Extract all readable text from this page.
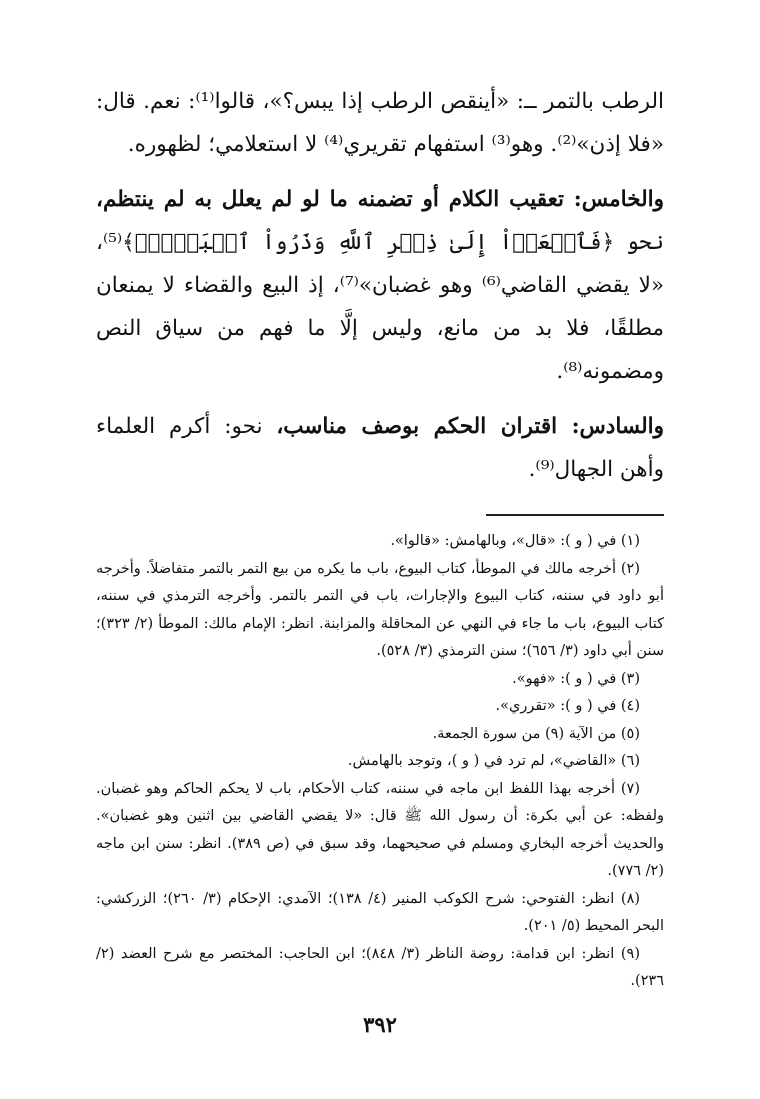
الرطب بالتمر ــ: «أينقص الرطب إذا يبس؟»، قالوا⁽¹⁾: نعم. قال: «فلا إذن»⁽²⁾. وهو⁽³⁾ استفهام تقريري⁽⁴⁾ لا استعلامي؛ لظهوره.

والخامس: تعقيب الكلام أو تضمنه ما لو لم يعلل به لم ينتظم، نحو ﴿فَٱسۡعَوۡاْ إِلَىٰ ذِكۡرِ ٱللَّهِ وَذَرُواْ ٱلۡبَيۡعَۚ﴾⁽⁵⁾، «لا يقضي القاضي⁽⁶⁾ وهو غضبان»⁽⁷⁾، إذ البيع والقضاء لا يمنعان مطلقًا، فلا بد من مانع، وليس إلَّا ما فهم من سياق النص ومضمونه⁽⁸⁾.

والسادس: اقتران الحكم بوصف مناسب، نحو: أكرم العلماء وأهن الجهال⁽⁹⁾.

(١) في ( و ): «قال»، وبالهامش: «قالوا».

(٢) أخرجه مالك في الموطأ، كتاب البيوع، باب ما يكره من بيع التمر بالتمر متفاضلاً. وأخرجه أبو داود في سننه، كتاب البيوع والإجارات، باب في التمر بالتمر. وأخرجه الترمذي في سننه، كتاب البيوع، باب ما جاء في النهي عن المحاقلة والمزابنة. انظر: الإمام مالك: الموطأ (٢/ ٣٢٣)؛ سنن أبي داود (٣/ ٦٥٦)؛ سنن الترمذي (٣/ ٥٢٨).

(٣) في ( و ): «فهو».

(٤) في ( و ): «تقرري».

(٥) من الآية (٩) من سورة الجمعة.

(٦) «القاضي»، لم ترد في ( و )، وتوجد بالهامش.

(٧) أخرجه بهذا اللفظ ابن ماجه في سننه، كتاب الأحكام، باب لا يحكم الحاكم وهو غضبان. ولفظه: عن أبي بكرة: أن رسول الله ﷺ قال: «لا يقضي القاضي بين اثنين وهو غضبان». والحديث أخرجه البخاري ومسلم في صحيحهما، وقد سبق في (ص ٣٨٩). انظر: سنن ابن ماجه (٢/ ٧٧٦).

(٨) انظر: الفتوحي: شرح الكوكب المنير (٤/ ١٣٨)؛ الآمدي: الإحكام (٣/ ٢٦٠)؛ الزركشي: البحر المحيط (٥/ ٢٠١).

(٩) انظر: ابن قدامة: روضة الناظر (٣/ ٨٤٨)؛ ابن الحاجب: المختصر مع شرح العضد (٢/ ٢٣٦).

٣٩٢
